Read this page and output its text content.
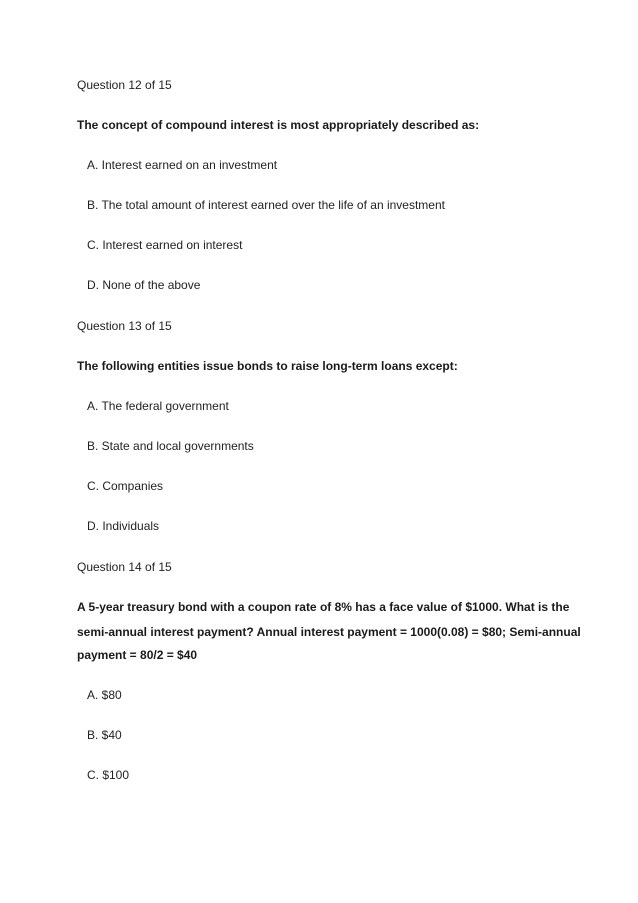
Question 12 of 15
The concept of compound interest is most appropriately described as:
A. Interest earned on an investment
B. The total amount of interest earned over the life of an investment
C. Interest earned on interest
D. None of the above
Question 13 of 15
The following entities issue bonds to raise long-term loans except:
A. The federal government
B. State and local governments
C. Companies
D. Individuals
Question 14 of 15
A 5-year treasury bond with a coupon rate of 8% has a face value of $1000. What is the
semi-annual interest payment? Annual interest payment = 1000(0.08) = $80; Semi-annual
payment = 80/2 = $40
A. $80
B. $40
C. $100
